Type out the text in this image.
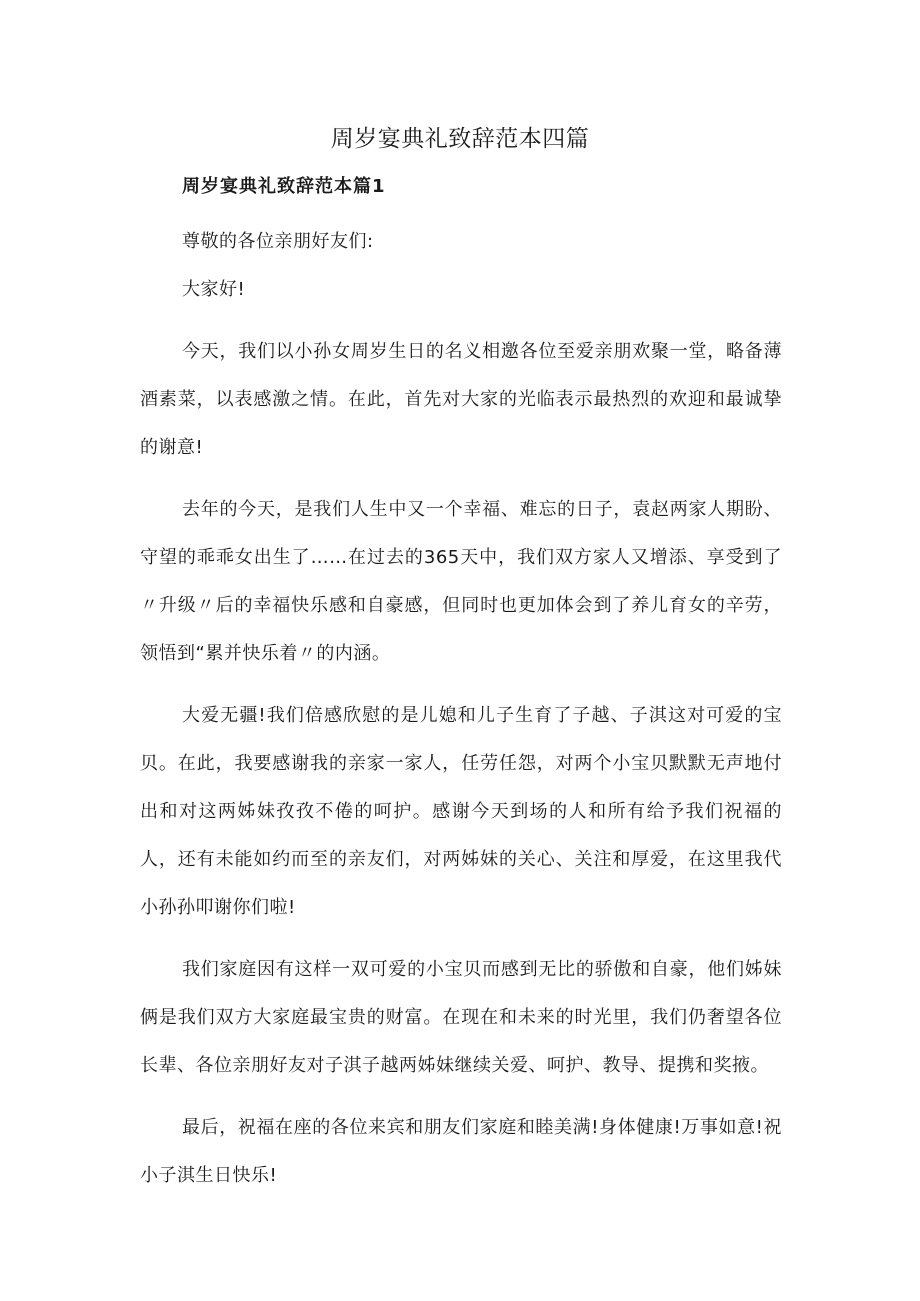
周岁宴典礼致辞范本四篇
周岁宴典礼致辞范本篇1

尊敬的各位亲朋好友们:

大家好!

今天，我们以小孙女周岁生日的名义相邀各位至爱亲朋欢聚一堂，略备薄酒素菜，以表感激之情。在此，首先对大家的光临表示最热烈的欢迎和最诚挚的谢意!

去年的今天，是我们人生中又一个幸福、难忘的日子，袁赵两家人期盼、守望的乖乖女出生了……在过去的365天中，我们双方家人又增添、享受到了〃升级〃后的幸福快乐感和自豪感，但同时也更加体会到了养儿育女的辛劳，领悟到“累并快乐着〃的内涵。

大爱无疆!我们倍感欣慰的是儿媳和儿子生育了子越、子淇这对可爱的宝贝。在此，我要感谢我的亲家一家人，任劳任怨，对两个小宝贝默默无声地付出和对这两姊妹孜孜不倦的呵护。感谢今天到场的人和所有给予我们祝福的人，还有未能如约而至的亲友们，对两姊妹的关心、关注和厚爱，在这里我代小孙孙叩谢你们啦!

我们家庭因有这样一双可爱的小宝贝而感到无比的骄傲和自豪，他们姊妹俩是我们双方大家庭最宝贵的财富。在现在和未来的时光里，我们仍奢望各位长辈、各位亲朋好友对子淇子越两姊妹继续关爱、呵护、教导、提携和奖掖。

最后，祝福在座的各位来宾和朋友们家庭和睦美满!身体健康!万事如意!祝小子淇生日快乐!
